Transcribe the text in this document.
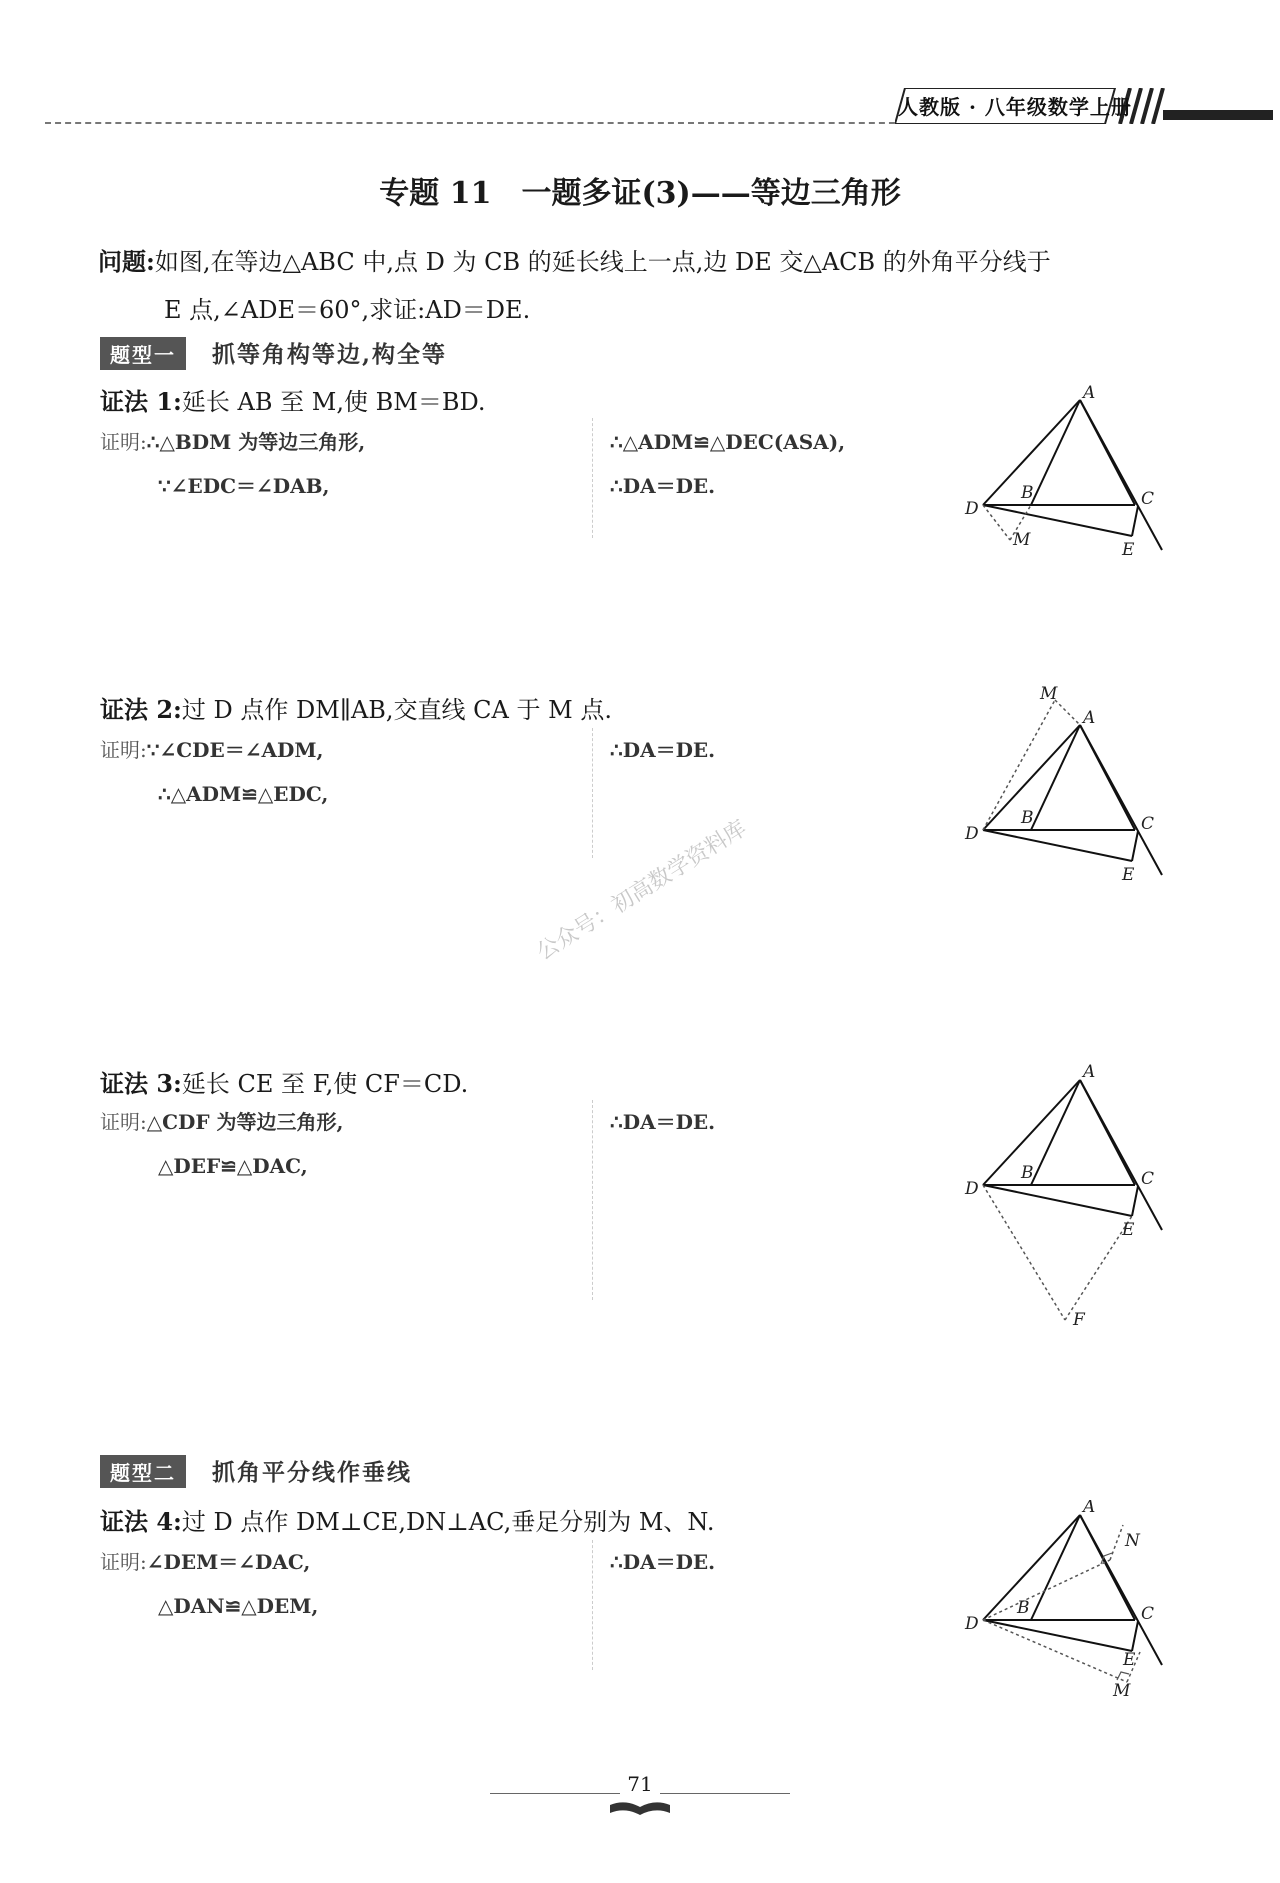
人教版 · 八年级数学上册
专题 11　一题多证(3)——等边三角形
问题:如图,在等边△ABC 中,点 D 为 CB 的延长线上一点,边 DE 交△ACB 的外角平分线于
E 点,∠ADE＝60°,求证:AD＝DE.
题型一 抓等角构等边,构全等
证法 1:延长 AB 至 M,使 BM＝BD.
证明:∴△BDM 为等边三角形,
∵∠EDC＝∠DAB,
∴△ADM≌△DEC(ASA),
∴DA＝DE.
D
A
B	C
M	E
证法 2:过 D 点作 DM∥AB,交直线 CA 于 M 点.
证明:∵∠CDE＝∠ADM,
∴△ADM≌△EDC,
∴DA＝DE.
D
A
M
B	C
E
公众号：初高数学资料库
证法 3:延长 CE 至 F,使 CF＝CD.
证明:△CDF 为等边三角形,
△DEF≌△DAC,
∴DA＝DE.
D
A
B	C
E
F
题型二 抓角平分线作垂线
证法 4:过 D 点作 DM⊥CE,DN⊥AC,垂足分别为 M、N.
证明:∠DEM＝∠DAC,
△DAN≌△DEM,
∴DA＝DE.
D
A
B	C
N
E
M
71
